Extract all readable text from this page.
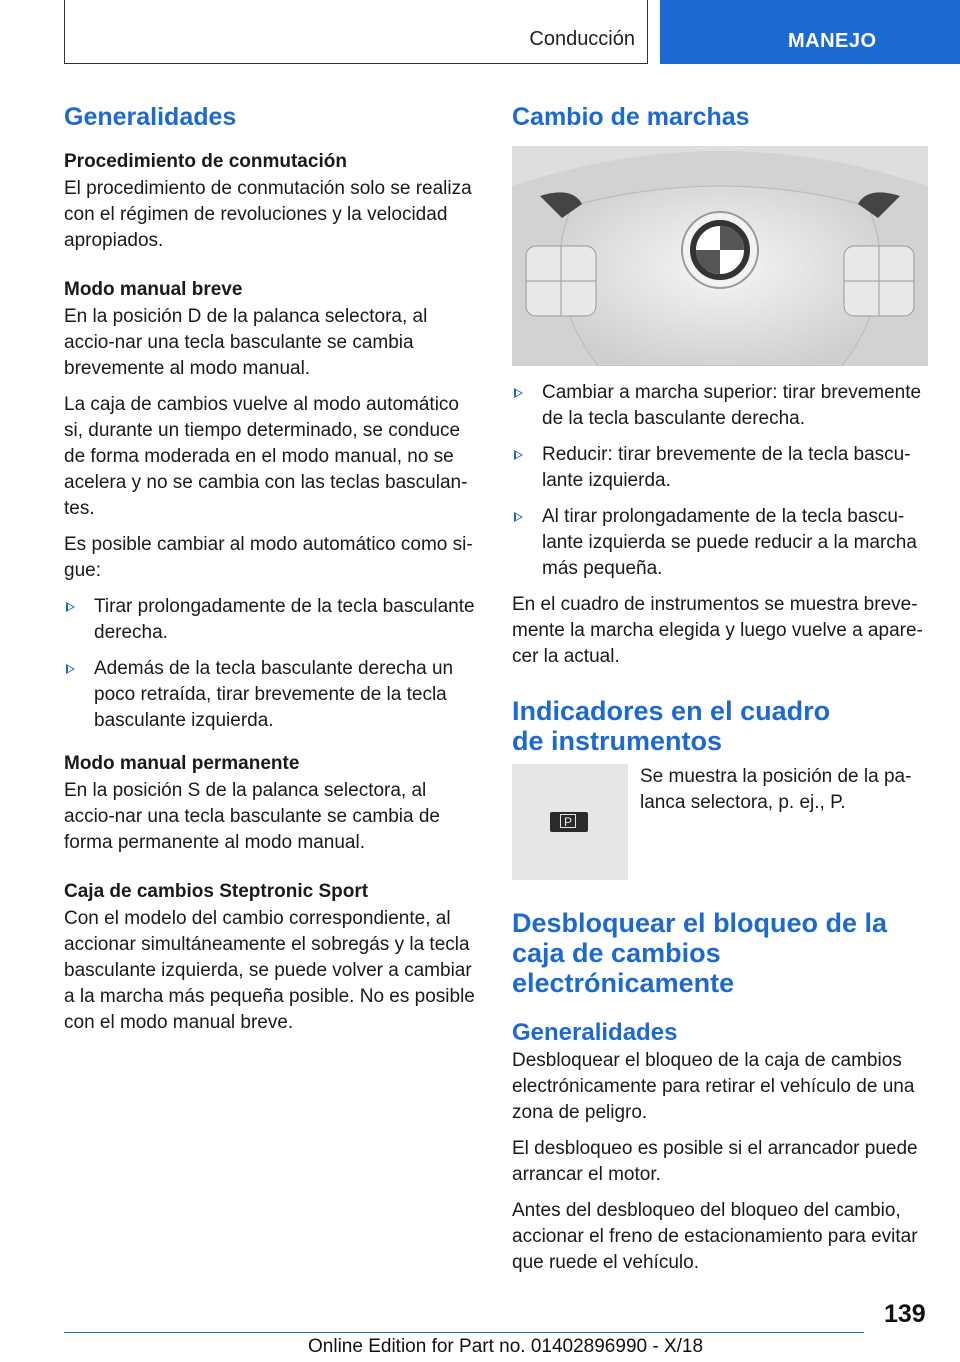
Conducción	MANEJO
Generalidades
Procedimiento de conmutación

El procedimiento de conmutación solo se realiza con el régimen de revoluciones y la velocidad apropiados.

Modo manual breve

En la posición D de la palanca selectora, al accio-nar una tecla basculante se cambia brevemente al modo manual.

La caja de cambios vuelve al modo automático si, durante un tiempo determinado, se conduce de forma moderada en el modo manual, no se acelera y no se cambia con las teclas basculan-tes.

Es posible cambiar al modo automático como si-gue:

Tirar prolongadamente de la tecla basculante derecha.
Además de la tecla basculante derecha un poco retraída, tirar brevemente de la tecla basculante izquierda.
Modo manual permanente

En la posición S de la palanca selectora, al accio-nar una tecla basculante se cambia de forma permanente al modo manual.

Caja de cambios Steptronic Sport

Con el modelo del cambio correspondiente, al accionar simultáneamente el sobregás y la tecla basculante izquierda, se puede volver a cambiar a la marcha más pequeña posible. No es posible con el modo manual breve.

Cambio de marchas
Cambiar a marcha superior: tirar brevemente de la tecla basculante derecha.
Reducir: tirar brevemente de la tecla bascu-lante izquierda.
Al tirar prolongadamente de la tecla bascu-lante izquierda se puede reducir a la marcha más pequeña.

En el cuadro de instrumentos se muestra breve-mente la marcha elegida y luego vuelve a apare-cer la actual.

Indicadores en el cuadro
de instrumentos
P

Se muestra la posición de la pa-lanca selectora, p. ej., P.

Desbloquear el bloqueo de la
caja de cambios
electrónicamente
Generalidades

Desbloquear el bloqueo de la caja de cambios electrónicamente para retirar el vehículo de una zona de peligro.

El desbloqueo es posible si el arrancador puede arrancar el motor.

Antes del desbloqueo del bloqueo del cambio, accionar el freno de estacionamiento para evitar que ruede el vehículo.

139
Online Edition for Part no. 01402896990 - X/18
